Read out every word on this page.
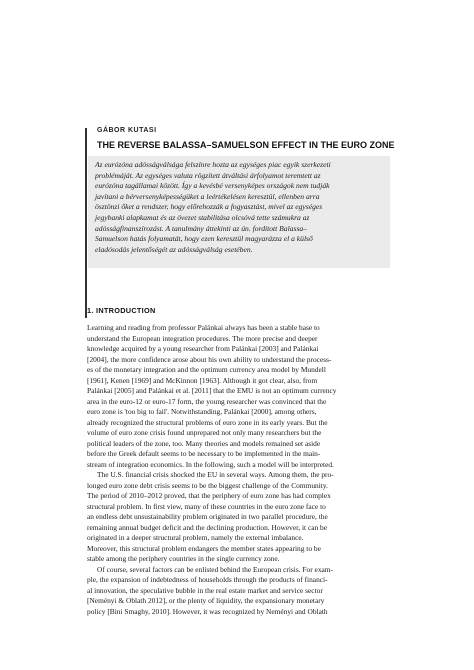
GÁBOR KUTASI
THE REVERSE BALASSA–SAMUELSON EFFECT IN THE EURO ZONE
Az eurózóna adósságválsága felszínre hozta az egységes piac egyik szerkezeti
problémáját. Az egységes valuta rögzített átváltási árfolyamot teremtett az
eurózóna tagállamai között. Így a kevésbé versenyképes országok nem tudják
javítani a bérversenyképességüket a leértékelésen keresztül, ellenben arra
ösztönzi őket a rendszer, hogy előrehozzák a fogyasztást, mivel az egységes
jegybanki alapkamat és az övezet stabilitása olcsóvá tette számukra az
adósságfinanszírozást. A tanulmány áttekinti az ún. fordított Balassa–
Samuelson hatás folyamatát, hogy ezen keresztül magyarázza el a külső
eladósodás jelentőségét az adósságválság esetében.
1. INTRODUCTION
Learning and reading from professor Palánkai always has been a stable base to
understand the European integration procedures. The more precise and deeper
knowledge acquired by a young researcher from Palánkai [2003] and Palánkai
[2004], the more confidence arose about his own ability to understand the process-
es of the monetary integration and the optimum currency area model by Mundell
[1961], Kenen [1969] and McKinnon [1963]. Although it got clear, also, from
Palánkai [2005] and Palánkai et al. [2011] that the EMU is not an optimum currency
area in the euro-12 or euro-17 form, the young researcher was convinced that the
euro zone is 'too big to fail'. Notwithstanding, Palánkai [2000], among others,
already recognized the structural problems of euro zone in its early years. But the
volume of euro zone crisis found unprepared not only many researchers but the
political leaders of the zone, too. Many theories and models remained set aside
before the Greek default seems to be necessary to be implemented in the main-
stream of integration economics. In the following, such a model will be interpreted.
The U.S. financial crisis shocked the EU in several ways. Among them, the pro-
longed euro zone debt crisis seems to be the biggest challenge of the Community.
The period of 2010–2012 proved, that the periphery of euro zone has had complex
structural problem. In first view, many of these countries in the euro zone face to
an endless debt unsustainability problem originated in two parallel procedure, the
remaining annual budget deficit and the declining production. However, it can be
originated in a deeper structural problem, namely the external imbalance.
Moreover, this structural problem endangers the member states appearing to be
stable among the periphery countries in the single currency zone.
Of course, several factors can be enlisted behind the European crisis. For exam-
ple, the expansion of indebtedness of households through the products of financi-
al innovation, the speculative bubble in the real estate market and service sector
[Neményi & Oblath 2012], or the plenty of liquidity, the expansionary monetary
policy [Bini Smaghy, 2010]. However, it was recognized by Neményi and Oblath
